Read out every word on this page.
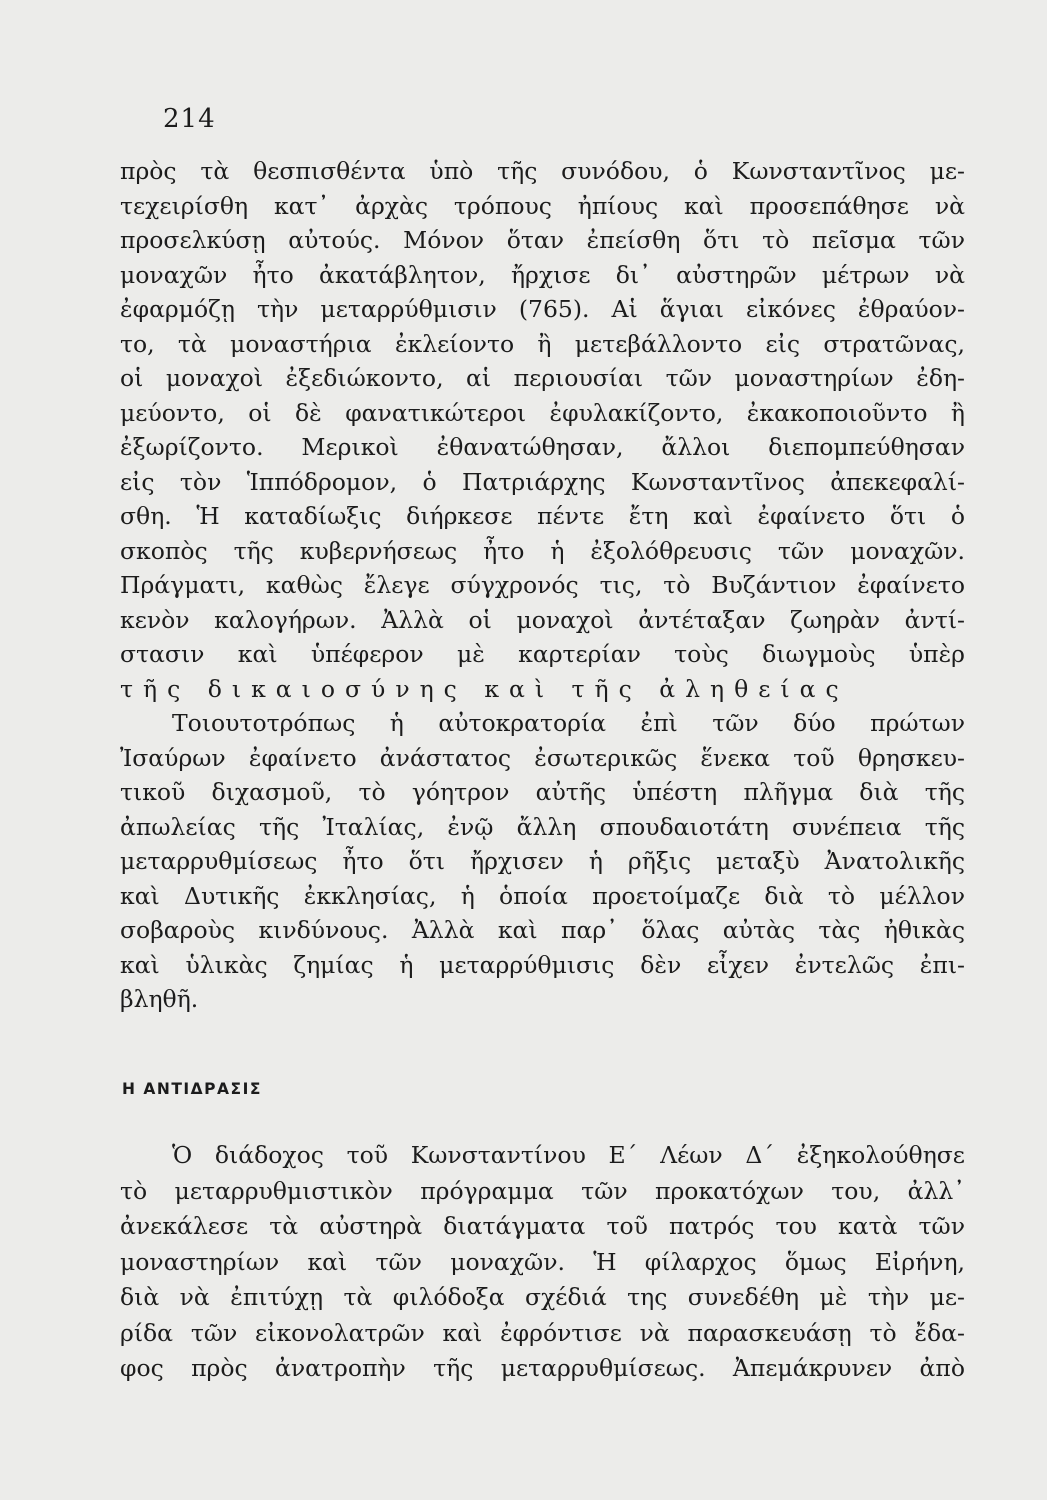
214
πρὸς τὰ θεσπισθέντα ὑπὸ τῆς συνόδου, ὁ Κωνσταντῖνος με-
τεχειρίσθη κατ᾽ ἀρχὰς τρόπους ἠπίους καὶ προσεπάθησε νὰ
προσελκύσῃ αὐτούς. Μόνον ὅταν ἐπείσθη ὅτι τὸ πεῖσμα τῶν
μοναχῶν ἦτο ἀκατάβλητον, ἤρχισε δι᾽ αὐστηρῶν μέτρων νὰ
ἐφαρμόζῃ τὴν μεταρρύθμισιν (765). Αἱ ἅγιαι εἰκόνες ἐθραύον-
το, τὰ μοναστήρια ἐκλείοντο ἢ μετεβάλλοντο εἰς στρατῶνας,
οἱ μοναχοὶ ἐξεδιώκοντο, αἱ περιουσίαι τῶν μοναστηρίων ἐδη-
μεύοντο, οἱ δὲ φανατικώτεροι ἐφυλακίζοντο, ἐκακοποιοῦντο ἢ
ἐξωρίζοντο. Μερικοὶ ἐθανατώθησαν, ἄλλοι διεπομπεύθησαν
εἰς τὸν Ἱππόδρομον, ὁ Πατριάρχης Κωνσταντῖνος ἀπεκεφαλί-
σθη. Ἡ καταδίωξις διήρκεσε πέντε ἔτη καὶ ἐφαίνετο ὅτι ὁ
σκοπὸς τῆς κυβερνήσεως ἦτο ἡ ἐξολόθρευσις τῶν μοναχῶν.
Πράγματι, καθὼς ἔλεγε σύγχρονός τις, τὸ Βυζάντιον ἐφαίνετο
κενὸν καλογήρων. Ἀλλὰ οἱ μοναχοὶ ἀντέταξαν ζωηρὰν ἀντί-
στασιν καὶ ὑπέφερον μὲ καρτερίαν τοὺς διωγμοὺς ὑπὲρ
τῆς δικαιοσύνης καὶ τῆς ἀληθείας
Τοιουτοτρόπως ἡ αὐτοκρατορία ἐπὶ τῶν δύο πρώτων
Ἰσαύρων ἐφαίνετο ἀνάστατος ἐσωτερικῶς ἕνεκα τοῦ θρησκευ-
τικοῦ διχασμοῦ, τὸ γόητρον αὐτῆς ὑπέστη πλῆγμα διὰ τῆς
ἀπωλείας τῆς Ἰταλίας, ἐνῷ ἄλλη σπουδαιοτάτη συνέπεια τῆς
μεταρρυθμίσεως ἦτο ὅτι ἤρχισεν ἡ ρῆξις μεταξὺ Ἀνατολικῆς
καὶ Δυτικῆς ἐκκλησίας, ἡ ὁποία προετοίμαζε διὰ τὸ μέλλον
σοβαροὺς κινδύνους. Ἀλλὰ καὶ παρ᾽ ὅλας αὐτὰς τὰς ἠθικὰς
καὶ ὑλικὰς ζημίας ἡ μεταρρύθμισις δὲν εἶχεν ἐντελῶς ἐπι-
βληθῆ.
Η ΑΝΤΙΔΡΑΣΙΣ
Ὁ διάδοχος τοῦ Κωνσταντίνου Ε΄ Λέων Δ΄ ἐξηκολούθησε
τὸ μεταρρυθμιστικὸν πρόγραμμα τῶν προκατόχων του, ἀλλ᾽
ἀνεκάλεσε τὰ αὐστηρὰ διατάγματα τοῦ πατρός του κατὰ τῶν
μοναστηρίων καὶ τῶν μοναχῶν. Ἡ φίλαρχος ὅμως Εἰρήνη,
διὰ νὰ ἐπιτύχῃ τὰ φιλόδοξα σχέδιά της συνεδέθη μὲ τὴν με-
ρίδα τῶν εἰκονολατρῶν καὶ ἐφρόντισε νὰ παρασκευάσῃ τὸ ἔδα-
φος πρὸς ἀνατροπὴν τῆς μεταρρυθμίσεως. Ἀπεμάκρυνεν ἀπὸ
